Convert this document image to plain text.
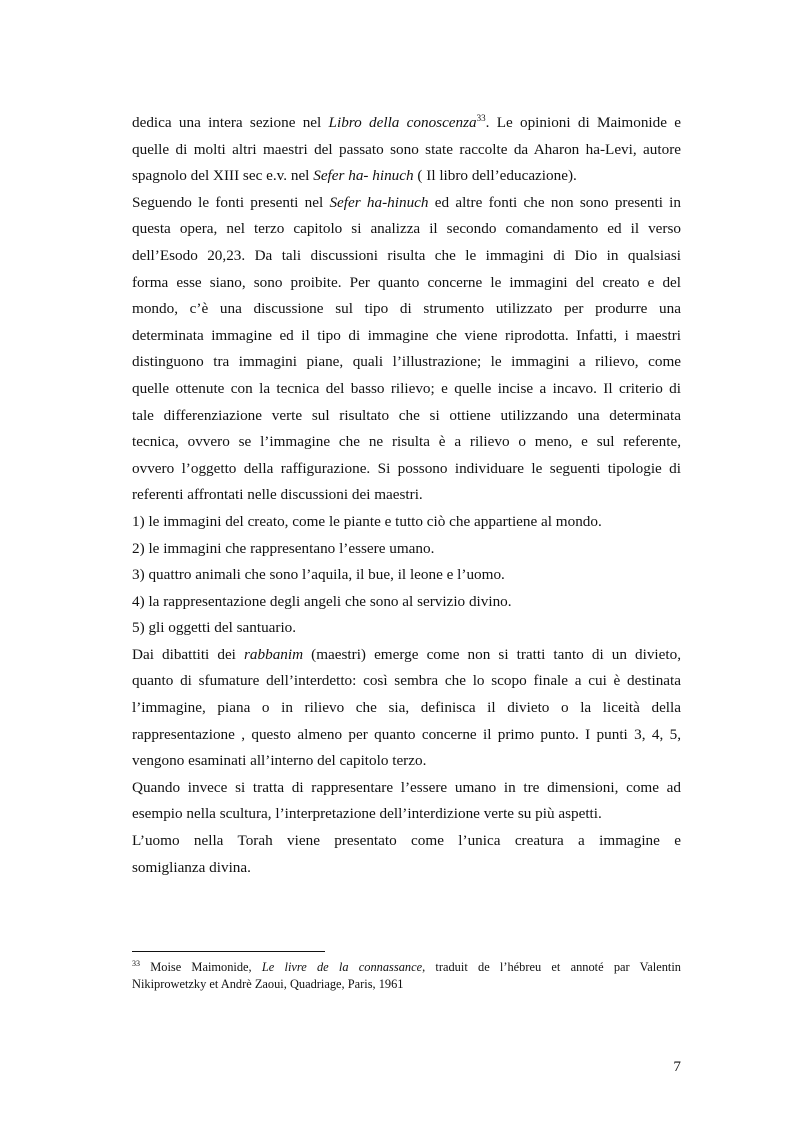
dedica una intera sezione nel Libro della conoscenza$^{33}$. Le opinioni di Maimonide e
quelle di molti altri maestri del passato sono state raccolte da Aharon ha-Levi, autore
spagnolo del XIII sec e.v. nel Sefer ha- hinuch ( Il libro dell’educazione).
Seguendo le fonti presenti nel Sefer ha-hinuch ed altre fonti che non sono presenti in
questa opera, nel terzo capitolo si analizza il secondo comandamento ed il verso
dell’Esodo 20,23. Da tali discussioni risulta che le immagini di Dio in qualsiasi
forma esse siano, sono proibite. Per quanto concerne le immagini del creato e del
mondo, c’è una discussione sul tipo di strumento utilizzato per produrre una
determinata immagine ed il tipo di immagine che viene riprodotta. Infatti, i maestri
distinguono tra immagini piane, quali l’illustrazione; le immagini a rilievo, come
quelle ottenute con la tecnica del basso rilievo; e quelle incise a incavo. Il criterio di
tale differenziazione verte sul risultato che si ottiene utilizzando una determinata
tecnica, ovvero se l’immagine che ne risulta è a rilievo o meno, e sul referente,
ovvero l’oggetto della raffigurazione. Si possono individuare le seguenti tipologie di
referenti affrontati nelle discussioni dei maestri.
1) le immagini del creato, come le piante e tutto ciò che appartiene al mondo.
2) le immagini che rappresentano l’essere umano.
3) quattro animali che sono l’aquila, il bue, il leone e l’uomo.
4) la rappresentazione degli angeli che sono al servizio divino.
5) gli oggetti del santuario.
Dai dibattiti dei rabbanim (maestri) emerge come non si tratti tanto di un divieto,
quanto di sfumature dell’interdetto: così sembra che lo scopo finale a cui è destinata
l’immagine, piana o in rilievo che sia, definisca il divieto o la liceità della
rappresentazione , questo almeno per quanto concerne il primo punto. I punti 3, 4, 5,
vengono esaminati all’interno del capitolo terzo.
Quando invece si tratta di rappresentare l’essere umano in tre dimensioni, come ad
esempio nella scultura, l’interpretazione dell’interdizione verte su più aspetti.
L’uomo nella Torah viene presentato come l’unica creatura a immagine e
somiglianza divina.
$^{33}$ Moise Maimonide, Le livre de la connassance, traduit de l’hébreu et annoté par Valentin
Nikiprowetzky et Andrè Zaoui, Quadriage, Paris, 1961
7
